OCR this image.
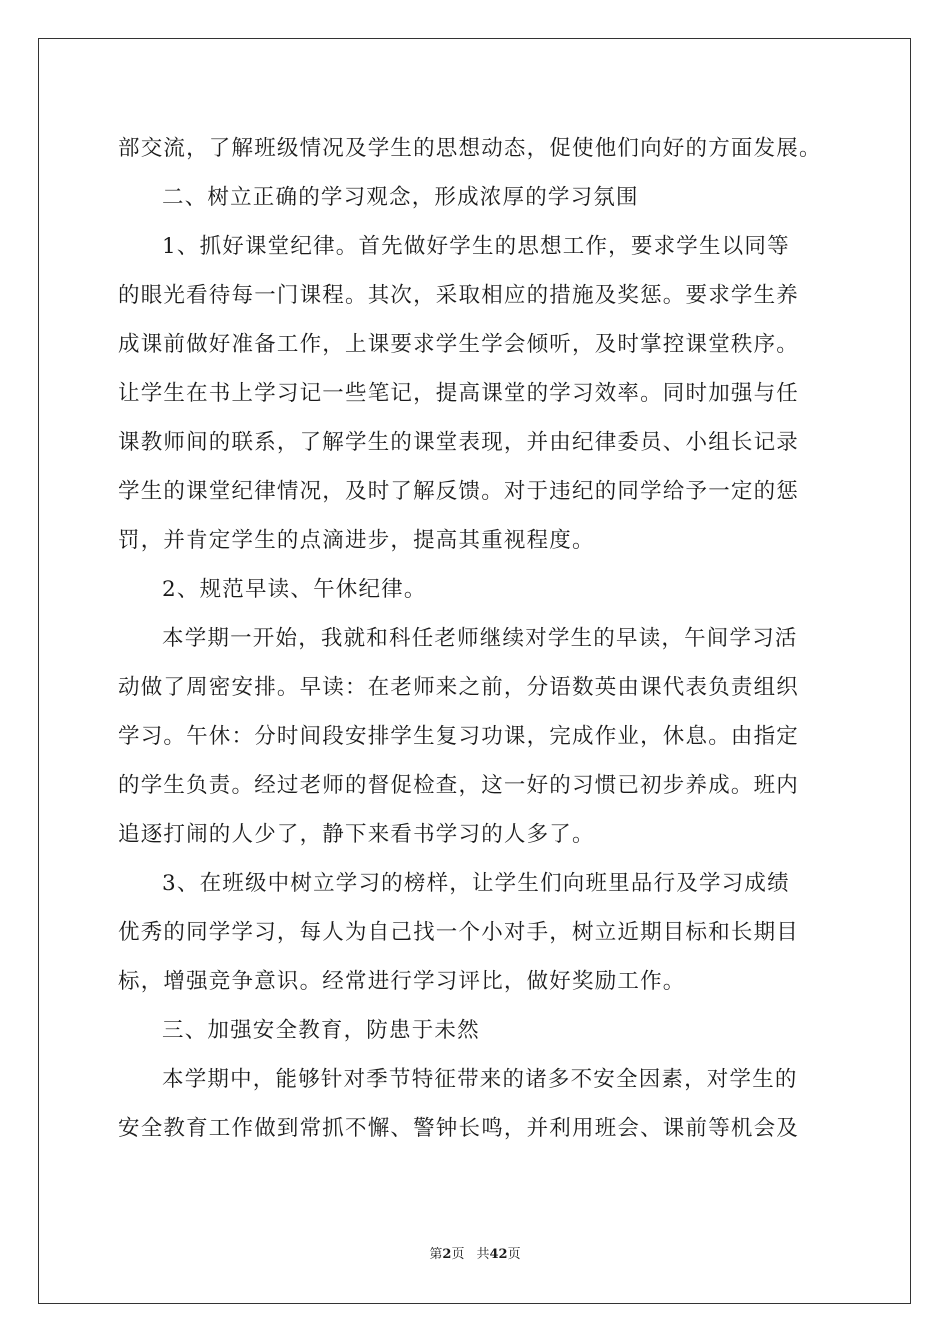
部交流，了解班级情况及学生的思想动态，促使他们向好的方面发展。
二、树立正确的学习观念，形成浓厚的学习氛围
1、抓好课堂纪律。首先做好学生的思想工作，要求学生以同等
的眼光看待每一门课程。其次，采取相应的措施及奖惩。要求学生养
成课前做好准备工作，上课要求学生学会倾听，及时掌控课堂秩序。
让学生在书上学习记一些笔记，提高课堂的学习效率。同时加强与任
课教师间的联系，了解学生的课堂表现，并由纪律委员、小组长记录
学生的课堂纪律情况，及时了解反馈。对于违纪的同学给予一定的惩
罚，并肯定学生的点滴进步，提高其重视程度。
2、规范早读、午休纪律。
本学期一开始，我就和科任老师继续对学生的早读，午间学习活
动做了周密安排。早读：在老师来之前，分语数英由课代表负责组织
学习。午休：分时间段安排学生复习功课，完成作业，休息。由指定
的学生负责。经过老师的督促检查，这一好的习惯已初步养成。班内
追逐打闹的人少了，静下来看书学习的人多了。
3、在班级中树立学习的榜样，让学生们向班里品行及学习成绩
优秀的同学学习，每人为自己找一个小对手，树立近期目标和长期目
标，增强竞争意识。经常进行学习评比，做好奖励工作。
三、加强安全教育，防患于未然
本学期中，能够针对季节特征带来的诸多不安全因素，对学生的
安全教育工作做到常抓不懈、警钟长鸣，并利用班会、课前等机会及
第2页 共42页
